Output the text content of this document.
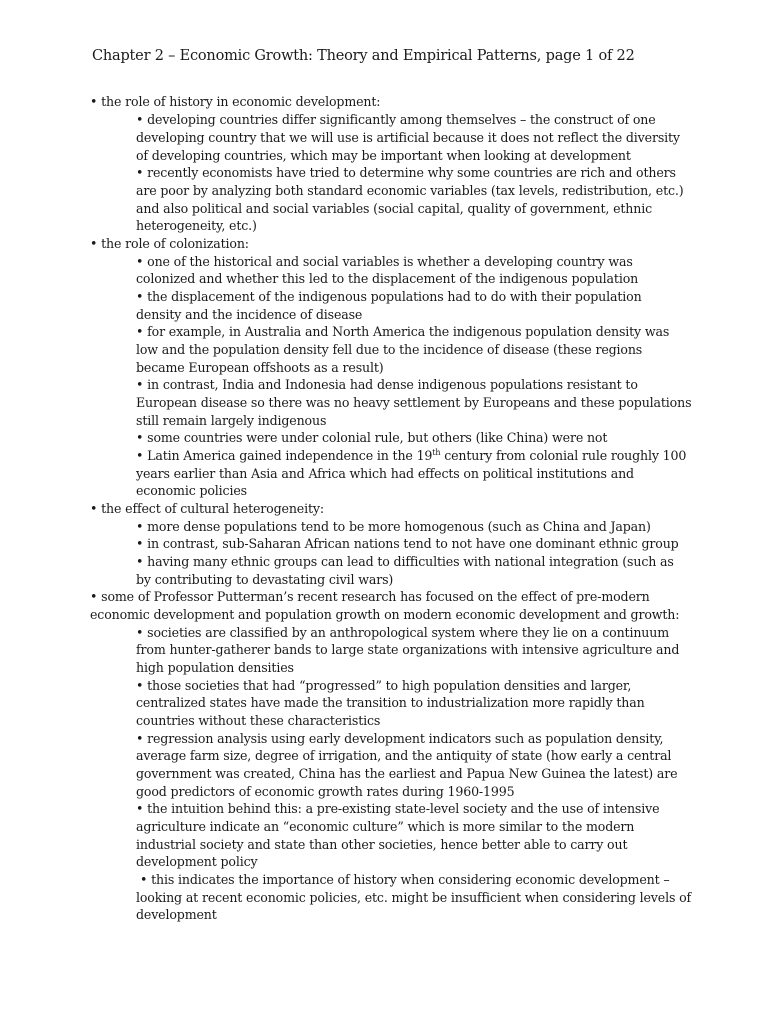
Chapter 2 – Economic Growth: Theory and Empirical Patterns, page 1 of 22
• the role of history in economic development:
• developing countries differ significantly among themselves – the construct of one
developing country that we will use is artificial because it does not reflect the diversity
of developing countries, which may be important when looking at development
• recently economists have tried to determine why some countries are rich and others
are poor by analyzing both standard economic variables (tax levels, redistribution, etc.)
and also political and social variables (social capital, quality of government, ethnic
heterogeneity, etc.)
• the role of colonization:
• one of the historical and social variables is whether a developing country was
colonized and whether this led to the displacement of the indigenous population
• the displacement of the indigenous populations had to do with their population
density and the incidence of disease
• for example, in Australia and North America the indigenous population density was
low and the population density fell due to the incidence of disease (these regions
became European offshoots as a result)
• in contrast, India and Indonesia had dense indigenous populations resistant to
European disease so there was no heavy settlement by Europeans and these populations
still remain largely indigenous
• some countries were under colonial rule, but others (like China) were not
• Latin America gained independence in the 19th century from colonial rule roughly 100
years earlier than Asia and Africa which had effects on political institutions and
economic policies
• the effect of cultural heterogeneity:
• more dense populations tend to be more homogenous (such as China and Japan)
• in contrast, sub-Saharan African nations tend to not have one dominant ethnic group
• having many ethnic groups can lead to difficulties with national integration (such as
by contributing to devastating civil wars)
• some of Professor Putterman’s recent research has focused on the effect of pre-modern
economic development and population growth on modern economic development and growth:
• societies are classified by an anthropological system where they lie on a continuum
from hunter-gatherer bands to large state organizations with intensive agriculture and
high population densities
• those societies that had “progressed” to high population densities and larger,
centralized states have made the transition to industrialization more rapidly than
countries without these characteristics
• regression analysis using early development indicators such as population density,
average farm size, degree of irrigation, and the antiquity of state (how early a central
government was created, China has the earliest and Papua New Guinea the latest) are
good predictors of economic growth rates during 1960-1995
• the intuition behind this: a pre-existing state-level society and the use of intensive
agriculture indicate an “economic culture” which is more similar to the modern
industrial society and state than other societies, hence better able to carry out
development policy
• this indicates the importance of history when considering economic development –
looking at recent economic policies, etc. might be insufficient when considering levels of
development
